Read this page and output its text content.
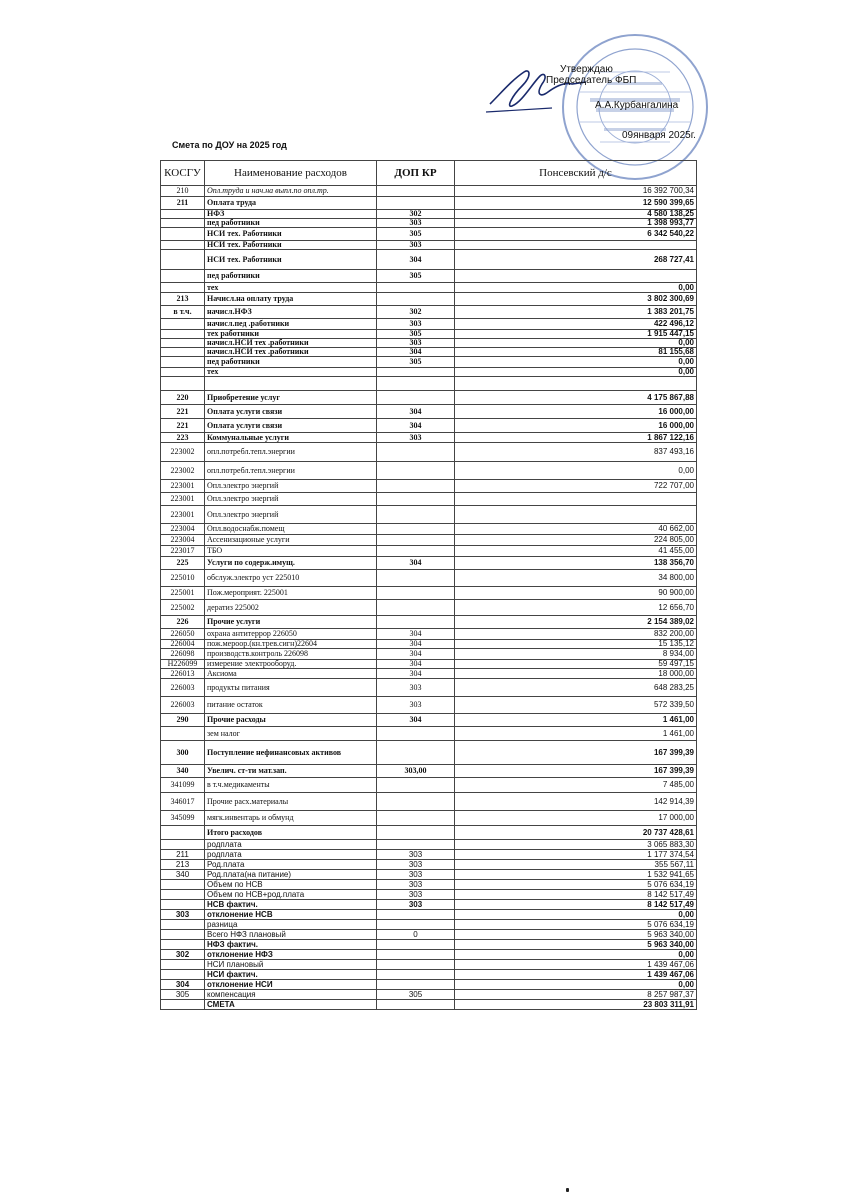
Утверждаю
Председатель ФБП
А.А.Курбангалина
09января 2025г.
Смета по ДОУ на 2025 год
КОСГУ	Наименование расходов	ДОП КР	Понсевский д/с
210	Опл.труда и нач.на выпл.по опл.тр.		16 392 700,34
211	Оплата труда		12 590 399,65
	НФЗ	302	4 580 138,25
	пед работники	303	1 398 993,77
	НСИ тех. Работники	305	6 342 540,22
	НСИ тех. Работники	303	
	НСИ тех. Работники	304	268 727,41
	пед работники	305	
	тех		0,00
213	Начисл.на оплату труда		3 802 300,69
в т.ч.	начисл.НФЗ	302	1 383 201,75
	начисл.пед .работники	303	422 496,12
	тех работники	305	1 915 447,15
	начисл.НСИ тех .работники	303	0,00
	начисл.НСИ тех .работники	304	81 155,68
	пед работники	305	0,00
	тех		0,00

220	Приобретение услуг		4 175 867,88
221	Оплата услуги связи	304	16 000,00
221	Оплата услуги связи	304	16 000,00
223	Коммунальные услуги	303	1 867 122,16
223002	опл.потребл.тепл.энергии		837 493,16
223002	опл.потребл.тепл.энергии		0,00
223001	Опл.электро энергий		722 707,00
223001	Опл.электро энергий		
223001	Опл.электро энергий		
223004	Опл.водоснабж.помещ		40 662,00
223004	Ассенизационые услуги		224 805,00
223017	ТБО		41 455,00
225	Услуги по содерж.имущ.	304	138 356,70
225010	обслуж.электро уст 225010		34 800,00
225001	Пож.мероприят. 225001		90 900,00
225002	дератиз 225002		12 656,70
226	Прочие услуги		2 154 389,02
226050	охрана антитеррор 226050	304	832 200,00
226004	пож.мероор.(кн.трев.сигн)22604	304	15 135,12
226098	производств.контроль 226098	304	8 934,00
Н226099	измерение электрооборуд.	304	59 497,15
226013	Аксиома	304	18 000,00
226003	продукты питания	303	648 283,25
226003	питание остаток	303	572 339,50
290	Прочие расходы	304	1 461,00
	зем налог		1 461,00
300	Поступление нефинансовых активов		167 399,39
340	Увелич. ст-ти мат.зап.	303,00	167 399,39
341099	в т.ч.медикаменты		7 485,00
346017	Прочие расх.материалы		142 914,39
345099	мягк.инвентарь и обмунд		17 000,00
	Итого расходов		20 737 428,61
	родплата		3 065 883,30
211	родплата	303	1 177 374,54
213	Род.плата	303	355 567,11
340	Род.плата(на питание)	303	1 532 941,65
	Объем по НСВ	303	5 076 634,19
	Объем по НСВ+род.плата	303	8 142 517,49
	НСВ фактич.	303	8 142 517,49
303	отклонение НСВ		0,00
	разница		5 076 634,19
	Всего НФЗ плановый	0	5 963 340,00
	НФЗ фактич.		5 963 340,00
302	отклонение НФЗ		0,00
	НСИ плановый		1 439 467,06
	НСИ фактич.		1 439 467,06
304	отклонение НСИ		0,00
305	компенсация	305	8 257 987,37
	СМЕТА		23 803 311,91
